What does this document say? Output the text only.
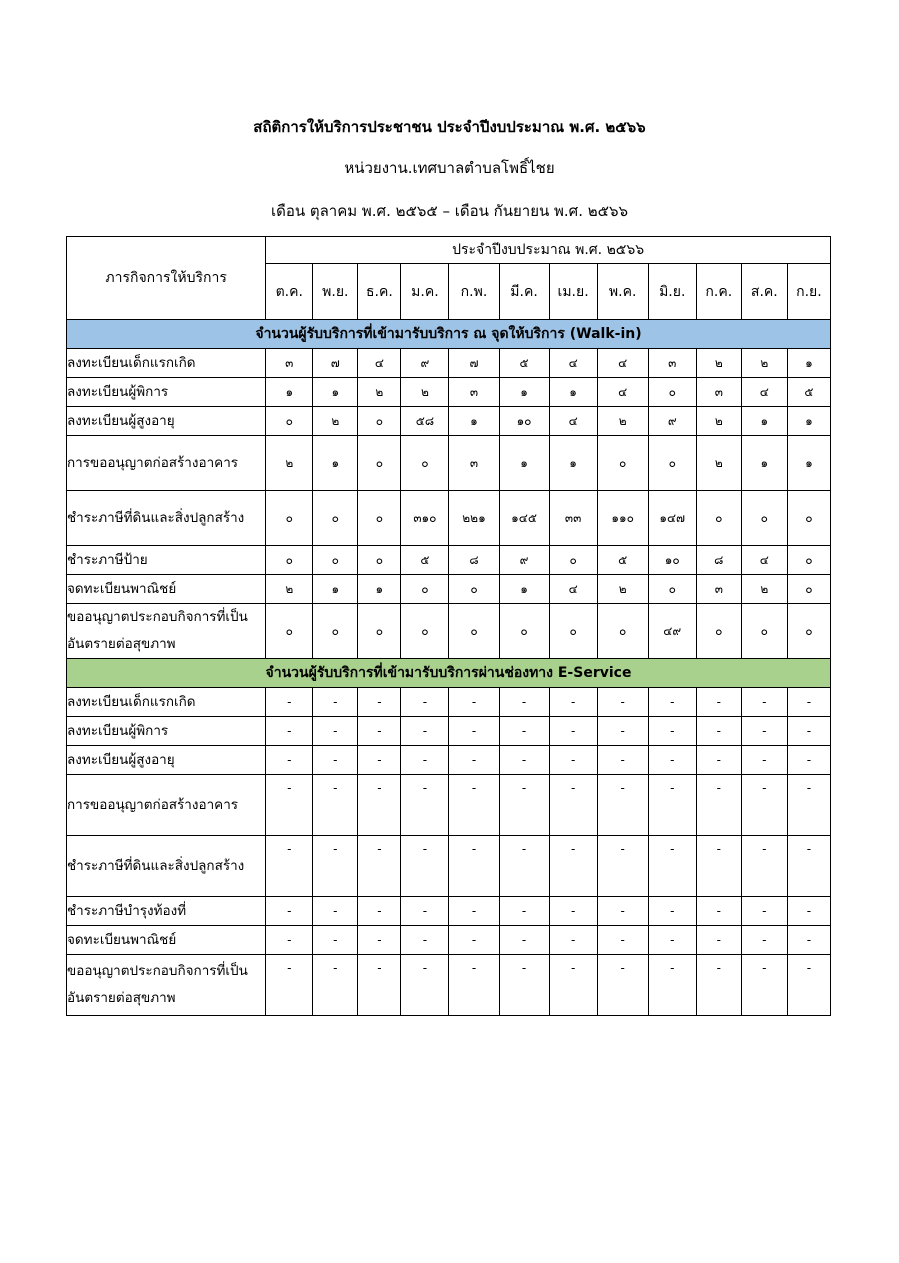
สถิติการให้บริการประชาชน ประจำปีงบประมาณ พ.ศ. ๒๕๖๖
หน่วยงาน.เทศบาลตำบลโพธิ์ไชย
เดือน ตุลาคม พ.ศ. ๒๕๖๕ – เดือน กันยายน พ.ศ. ๒๕๖๖
ภารกิจการให้บริการ	ประจำปีงบประมาณ พ.ศ. ๒๕๖๖											
	ต.ค.	พ.ย.	ธ.ค.	ม.ค.	ก.พ.	มี.ค.	เม.ย.	พ.ค.	มิ.ย.	ก.ค.	ส.ค.	ก.ย.
จำนวนผู้รับบริการที่เข้ามารับบริการ ณ จุดให้บริการ (Walk-in)												
ลงทะเบียนเด็กแรกเกิด	๓	๗	๔	๙	๗	๕	๔	๔	๓	๒	๒	๑
ลงทะเบียนผู้พิการ	๑	๑	๒	๒	๓	๑	๑	๔	๐	๓	๔	๕
ลงทะเบียนผู้สูงอายุ	๐	๒	๐	๕๘	๑	๑๐	๔	๒	๙	๒	๑	๑
การขออนุญาตก่อสร้างอาคาร	๒	๑	๐	๐	๓	๑	๑	๐	๐	๒	๑	๑
ชำระภาษีที่ดินและสิ่งปลูกสร้าง	๐	๐	๐	๓๑๐	๒๒๑	๑๔๕	๓๓	๑๑๐	๑๔๗	๐	๐	๐
ชำระภาษีป้าย	๐	๐	๐	๕	๘	๙	๐	๕	๑๐	๘	๔	๐
จดทะเบียนพาณิชย์	๒	๑	๑	๐	๐	๑	๔	๒	๐	๓	๒	๐
ขออนุญาตประกอบกิจการที่เป็นอันตรายต่อสุขภาพ	๐	๐	๐	๐	๐	๐	๐	๐	๔๙	๐	๐	๐
จำนวนผู้รับบริการที่เข้ามารับบริการผ่านช่องทาง E-Service												
ลงทะเบียนเด็กแรกเกิด	-	-	-	-	-	-	-	-	-	-	-	-
ลงทะเบียนผู้พิการ	-	-	-	-	-	-	-	-	-	-	-	-
ลงทะเบียนผู้สูงอายุ	-	-	-	-	-	-	-	-	-	-	-	-
การขออนุญาตก่อสร้างอาคาร	-	-	-	-	-	-	-	-	-	-	-	-
ชำระภาษีที่ดินและสิ่งปลูกสร้าง	-	-	-	-	-	-	-	-	-	-	-	-
ชำระภาษีบำรุงท้องที่	-	-	-	-	-	-	-	-	-	-	-	-
จดทะเบียนพาณิชย์	-	-	-	-	-	-	-	-	-	-	-	-
ขออนุญาตประกอบกิจการที่เป็นอันตรายต่อสุขภาพ	-	-	-	-	-	-	-	-	-	-	-	-
